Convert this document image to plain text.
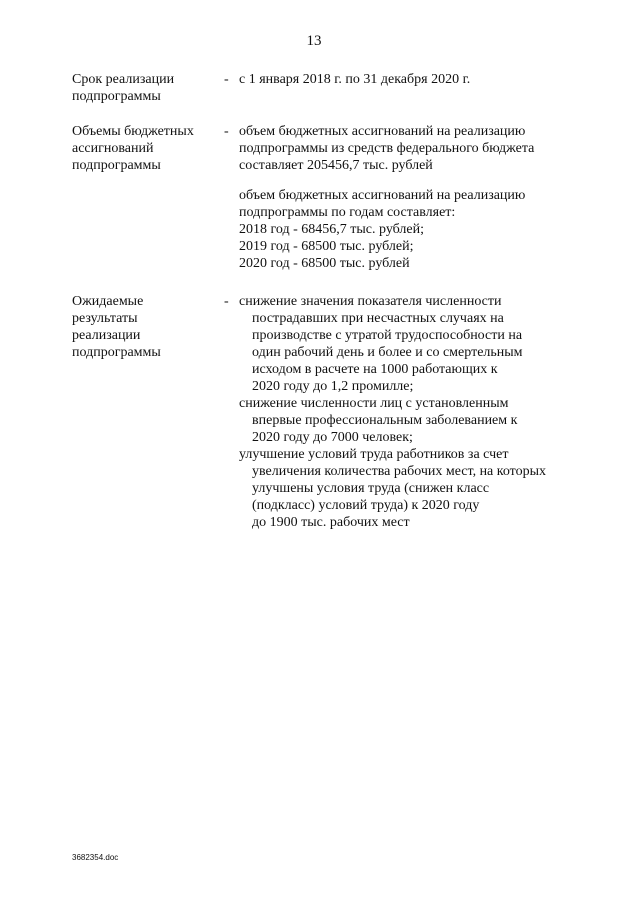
13
Срок реализации
подпрограммы
- с 1 января 2018 г. по 31 декабря 2020 г.
Объемы бюджетных
ассигнований
подпрограммы
- объем бюджетных ассигнований на реализацию
подпрограммы из средств федерального бюджета
составляет 205456,7 тыс. рублей
объем бюджетных ассигнований на реализацию
подпрограммы по годам составляет:
2018 год - 68456,7 тыс. рублей;
2019 год - 68500 тыс. рублей;
2020 год - 68500 тыс. рублей
Ожидаемые
результаты
реализации
подпрограммы
- снижение значения показателя численности
пострадавших при несчастных случаях на
производстве с утратой трудоспособности на
один рабочий день и более и со смертельным
исходом в расчете на 1000 работающих к
2020 году до 1,2 промилле;
снижение численности лиц с установленным
впервые профессиональным заболеванием к
2020 году до 7000 человек;
улучшение условий труда работников за счет
увеличения количества рабочих мест, на которых
улучшены условия труда (снижен класс
(подкласс) условий труда) к 2020 году
до 1900 тыс. рабочих мест
3682354.doc
